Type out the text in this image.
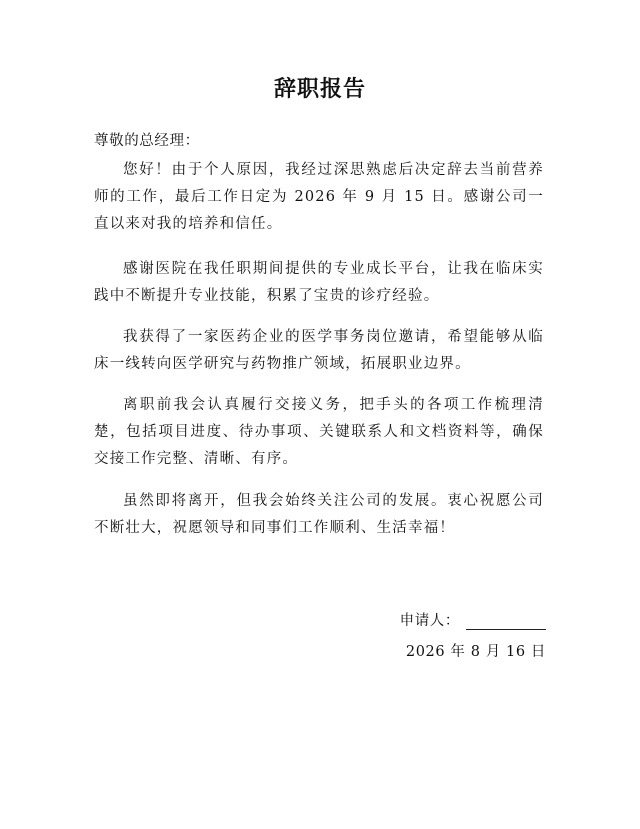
辞职报告
尊敬的总经理：

您好！由于个人原因，我经过深思熟虑后决定辞去当前营养师的工作，最后工作日定为 2026 年 9 月 15 日。感谢公司一直以来对我的培养和信任。

感谢医院在我任职期间提供的专业成长平台，让我在临床实践中不断提升专业技能，积累了宝贵的诊疗经验。

我获得了一家医药企业的医学事务岗位邀请，希望能够从临床一线转向医学研究与药物推广领域，拓展职业边界。

离职前我会认真履行交接义务，把手头的各项工作梳理清楚，包括项目进度、待办事项、关键联系人和文档资料等，确保交接工作完整、清晰、有序。

虽然即将离开，但我会始终关注公司的发展。衷心祝愿公司不断壮大，祝愿领导和同事们工作顺利、生活幸福！

申请人：
2026 年 8 月 16 日
